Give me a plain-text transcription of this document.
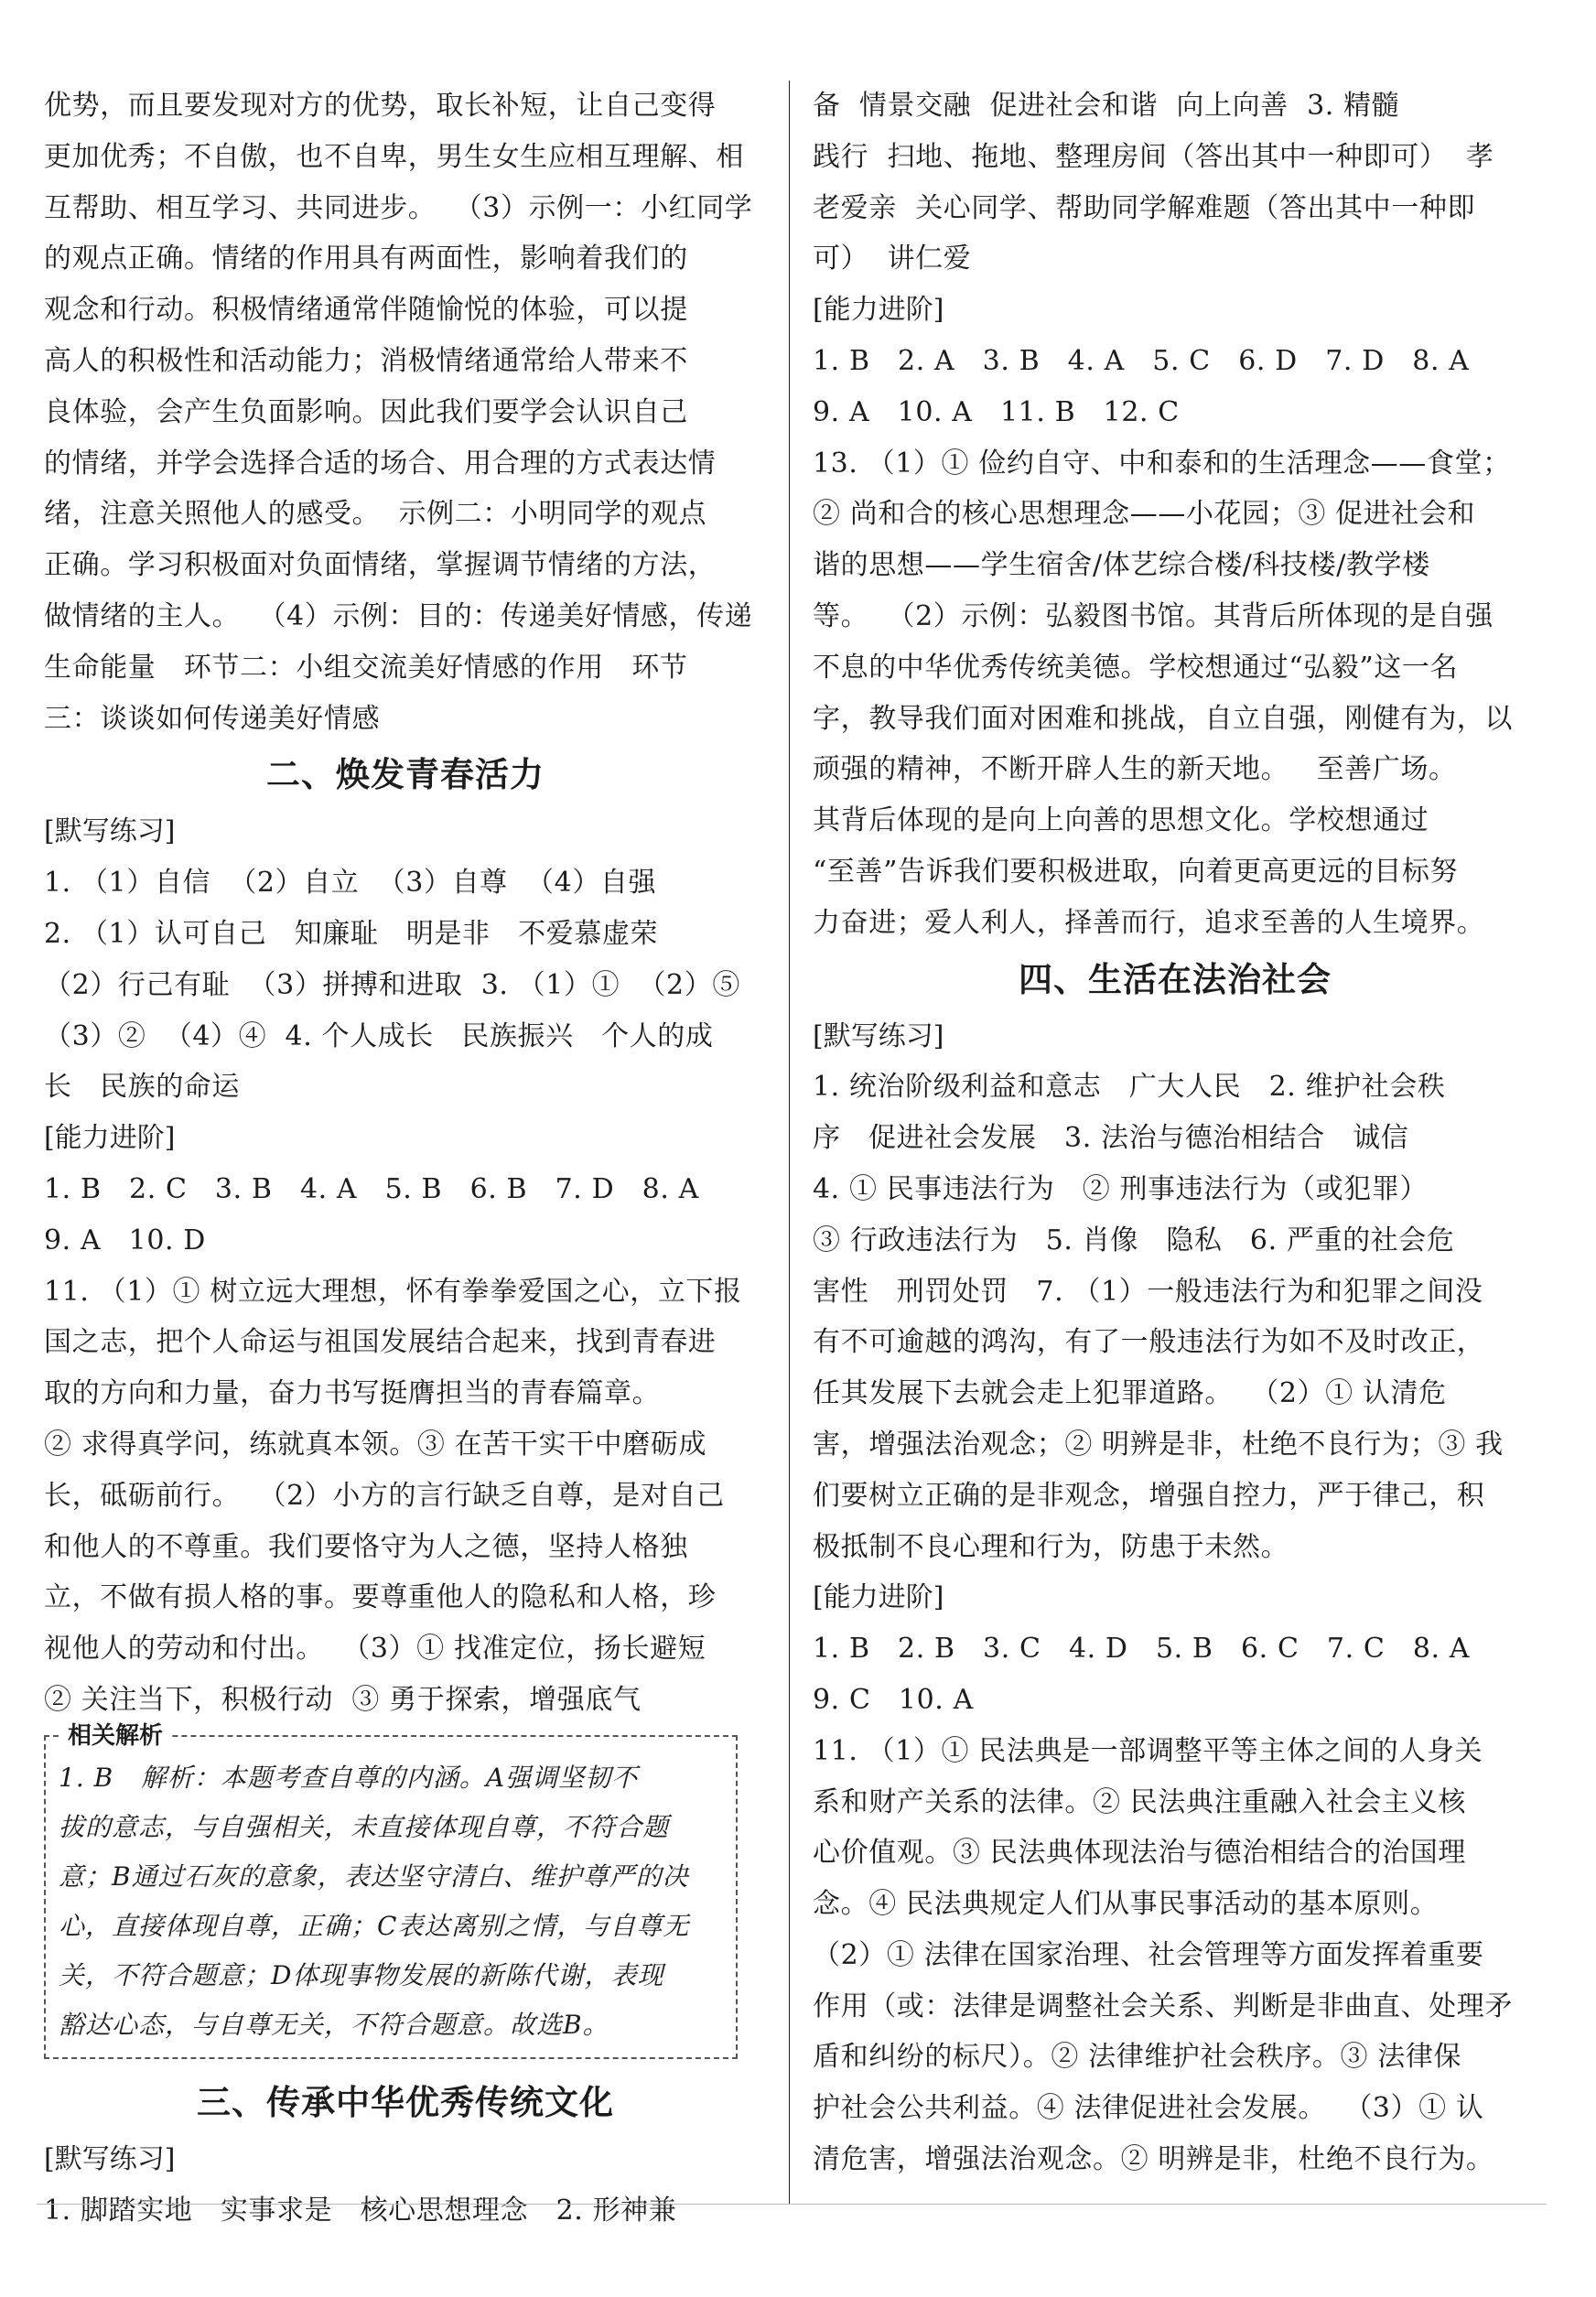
优势，而且要发现对方的优势，取长补短，让自己变得
更加优秀；不自傲，也不自卑，男生女生应相互理解、相
互帮助、相互学习、共同进步。  （3）示例一：小红同学
的观点正确。情绪的作用具有两面性，影响着我们的
观念和行动。积极情绪通常伴随愉悦的体验，可以提
高人的积极性和活动能力；消极情绪通常给人带来不
良体验，会产生负面影响。因此我们要学会认识自己
的情绪，并学会选择合适的场合、用合理的方式表达情
绪，注意关照他人的感受。  示例二：小明同学的观点
正确。学习积极面对负面情绪，掌握调节情绪的方法，
做情绪的主人。  （4）示例：目的：传递美好情感，传递
生命能量   环节二：小组交流美好情感的作用   环节
三：谈谈如何传递美好情感
二、焕发青春活力
[默写练习]
1. （1）自信  （2）自立  （3）自尊  （4）自强
2. （1）认可自己   知廉耻   明是非   不爱慕虚荣
（2）行己有耻  （3）拼搏和进取  3. （1）①  （2）⑤
（3）②  （4）④  4. 个人成长   民族振兴   个人的成
长   民族的命运
[能力进阶]
1. B   2. C   3. B   4. A   5. B   6. B   7. D   8. A
9. A   10. D
11. （1）① 树立远大理想，怀有拳拳爱国之心，立下报
国之志，把个人命运与祖国发展结合起来，找到青春进
取的方向和力量，奋力书写挺膺担当的青春篇章。
② 求得真学问，练就真本领。③ 在苦干实干中磨砺成
长，砥砺前行。  （2）小方的言行缺乏自尊，是对自己
和他人的不尊重。我们要恪守为人之德，坚持人格独
立，不做有损人格的事。要尊重他人的隐私和人格，珍
视他人的劳动和付出。  （3）① 找准定位，扬长避短
② 关注当下，积极行动  ③ 勇于探索，增强底气
相关解析
1. B   解析：本题考查自尊的内涵。A强调坚韧不
拔的意志，与自强相关，未直接体现自尊，不符合题
意；B通过石灰的意象，表达坚守清白、维护尊严的决
心，直接体现自尊，正确；C表达离别之情，与自尊无
关，不符合题意；D体现事物发展的新陈代谢，表现
豁达心态，与自尊无关，不符合题意。故选B。
三、传承中华优秀传统文化
[默写练习]
1. 脚踏实地   实事求是   核心思想理念   2. 形神兼
备  情景交融  促进社会和谐  向上向善  3. 精髓
践行  扫地、拖地、整理房间（答出其中一种即可）  孝
老爱亲  关心同学、帮助同学解难题（答出其中一种即
可）  讲仁爱
[能力进阶]
1. B   2. A   3. B   4. A   5. C   6. D   7. D   8. A
9. A   10. A   11. B   12. C
13. （1）① 俭约自守、中和泰和的生活理念——食堂；
② 尚和合的核心思想理念——小花园；③ 促进社会和
谐的思想——学生宿舍/体艺综合楼/科技楼/教学楼
等。  （2）示例：弘毅图书馆。其背后所体现的是自强
不息的中华优秀传统美德。学校想通过“弘毅”这一名
字，教导我们面对困难和挑战，自立自强，刚健有为，以
顽强的精神，不断开辟人生的新天地。   至善广场。
其背后体现的是向上向善的思想文化。学校想通过
“至善”告诉我们要积极进取，向着更高更远的目标努
力奋进；爱人利人，择善而行，追求至善的人生境界。
四、生活在法治社会
[默写练习]
1. 统治阶级利益和意志   广大人民   2. 维护社会秩
序   促进社会发展   3. 法治与德治相结合   诚信
4. ① 民事违法行为   ② 刑事违法行为（或犯罪）
③ 行政违法行为   5. 肖像   隐私   6. 严重的社会危
害性   刑罚处罚   7. （1）一般违法行为和犯罪之间没
有不可逾越的鸿沟，有了一般违法行为如不及时改正，
任其发展下去就会走上犯罪道路。  （2）① 认清危
害，增强法治观念；② 明辨是非，杜绝不良行为；③ 我
们要树立正确的是非观念，增强自控力，严于律己，积
极抵制不良心理和行为，防患于未然。
[能力进阶]
1. B   2. B   3. C   4. D   5. B   6. C   7. C   8. A
9. C   10. A
11. （1）① 民法典是一部调整平等主体之间的人身关
系和财产关系的法律。② 民法典注重融入社会主义核
心价值观。③ 民法典体现法治与德治相结合的治国理
念。④ 民法典规定人们从事民事活动的基本原则。
（2）① 法律在国家治理、社会管理等方面发挥着重要
作用（或：法律是调整社会关系、判断是非曲直、处理矛
盾和纠纷的标尺）。② 法律维护社会秩序。③ 法律保
护社会公共利益。④ 法律促进社会发展。  （3）① 认
清危害，增强法治观念。② 明辨是非，杜绝不良行为。
